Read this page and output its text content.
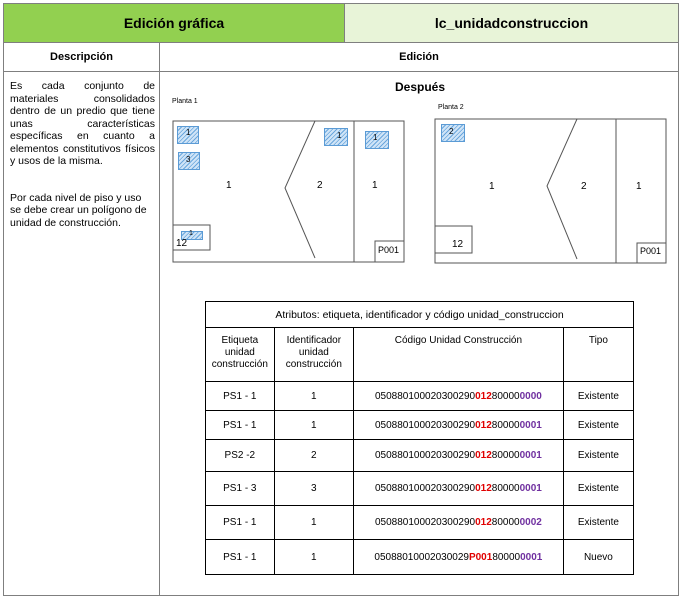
Edición gráfica	lc_unidadconstruccion
Descripción	Edición

Es cada conjunto de materiales consolidados dentro de un predio que tiene unas características específicas en cuanto a elementos constitutivos físicos y usos de la misma.

Por cada nivel de piso y uso se debe crear un polígono de unidad de construcción.

Después
Planta 1
1
3
1	1
1
1	2	1
12
P001
Planta 2
2
1	2	1
12
P001
Atributos: etiqueta, identificador y código unidad_construccion			
Etiqueta unidad construcción	Identificador unidad construcción	Código Unidad Construcción	Tipo
PS1 - 1	1	050880100020300290012800000000	Existente
PS1 - 1	1	050880100020300290012800000001	Existente
PS2 -2	2	050880100020300290012800000001	Existente
PS1 - 3	3	050880100020300290012800000001	Existente
PS1 - 1	1	050880100020300290012800000002	Existente
PS1 - 1	1	05088010002030029P001800000001	Nuevo
